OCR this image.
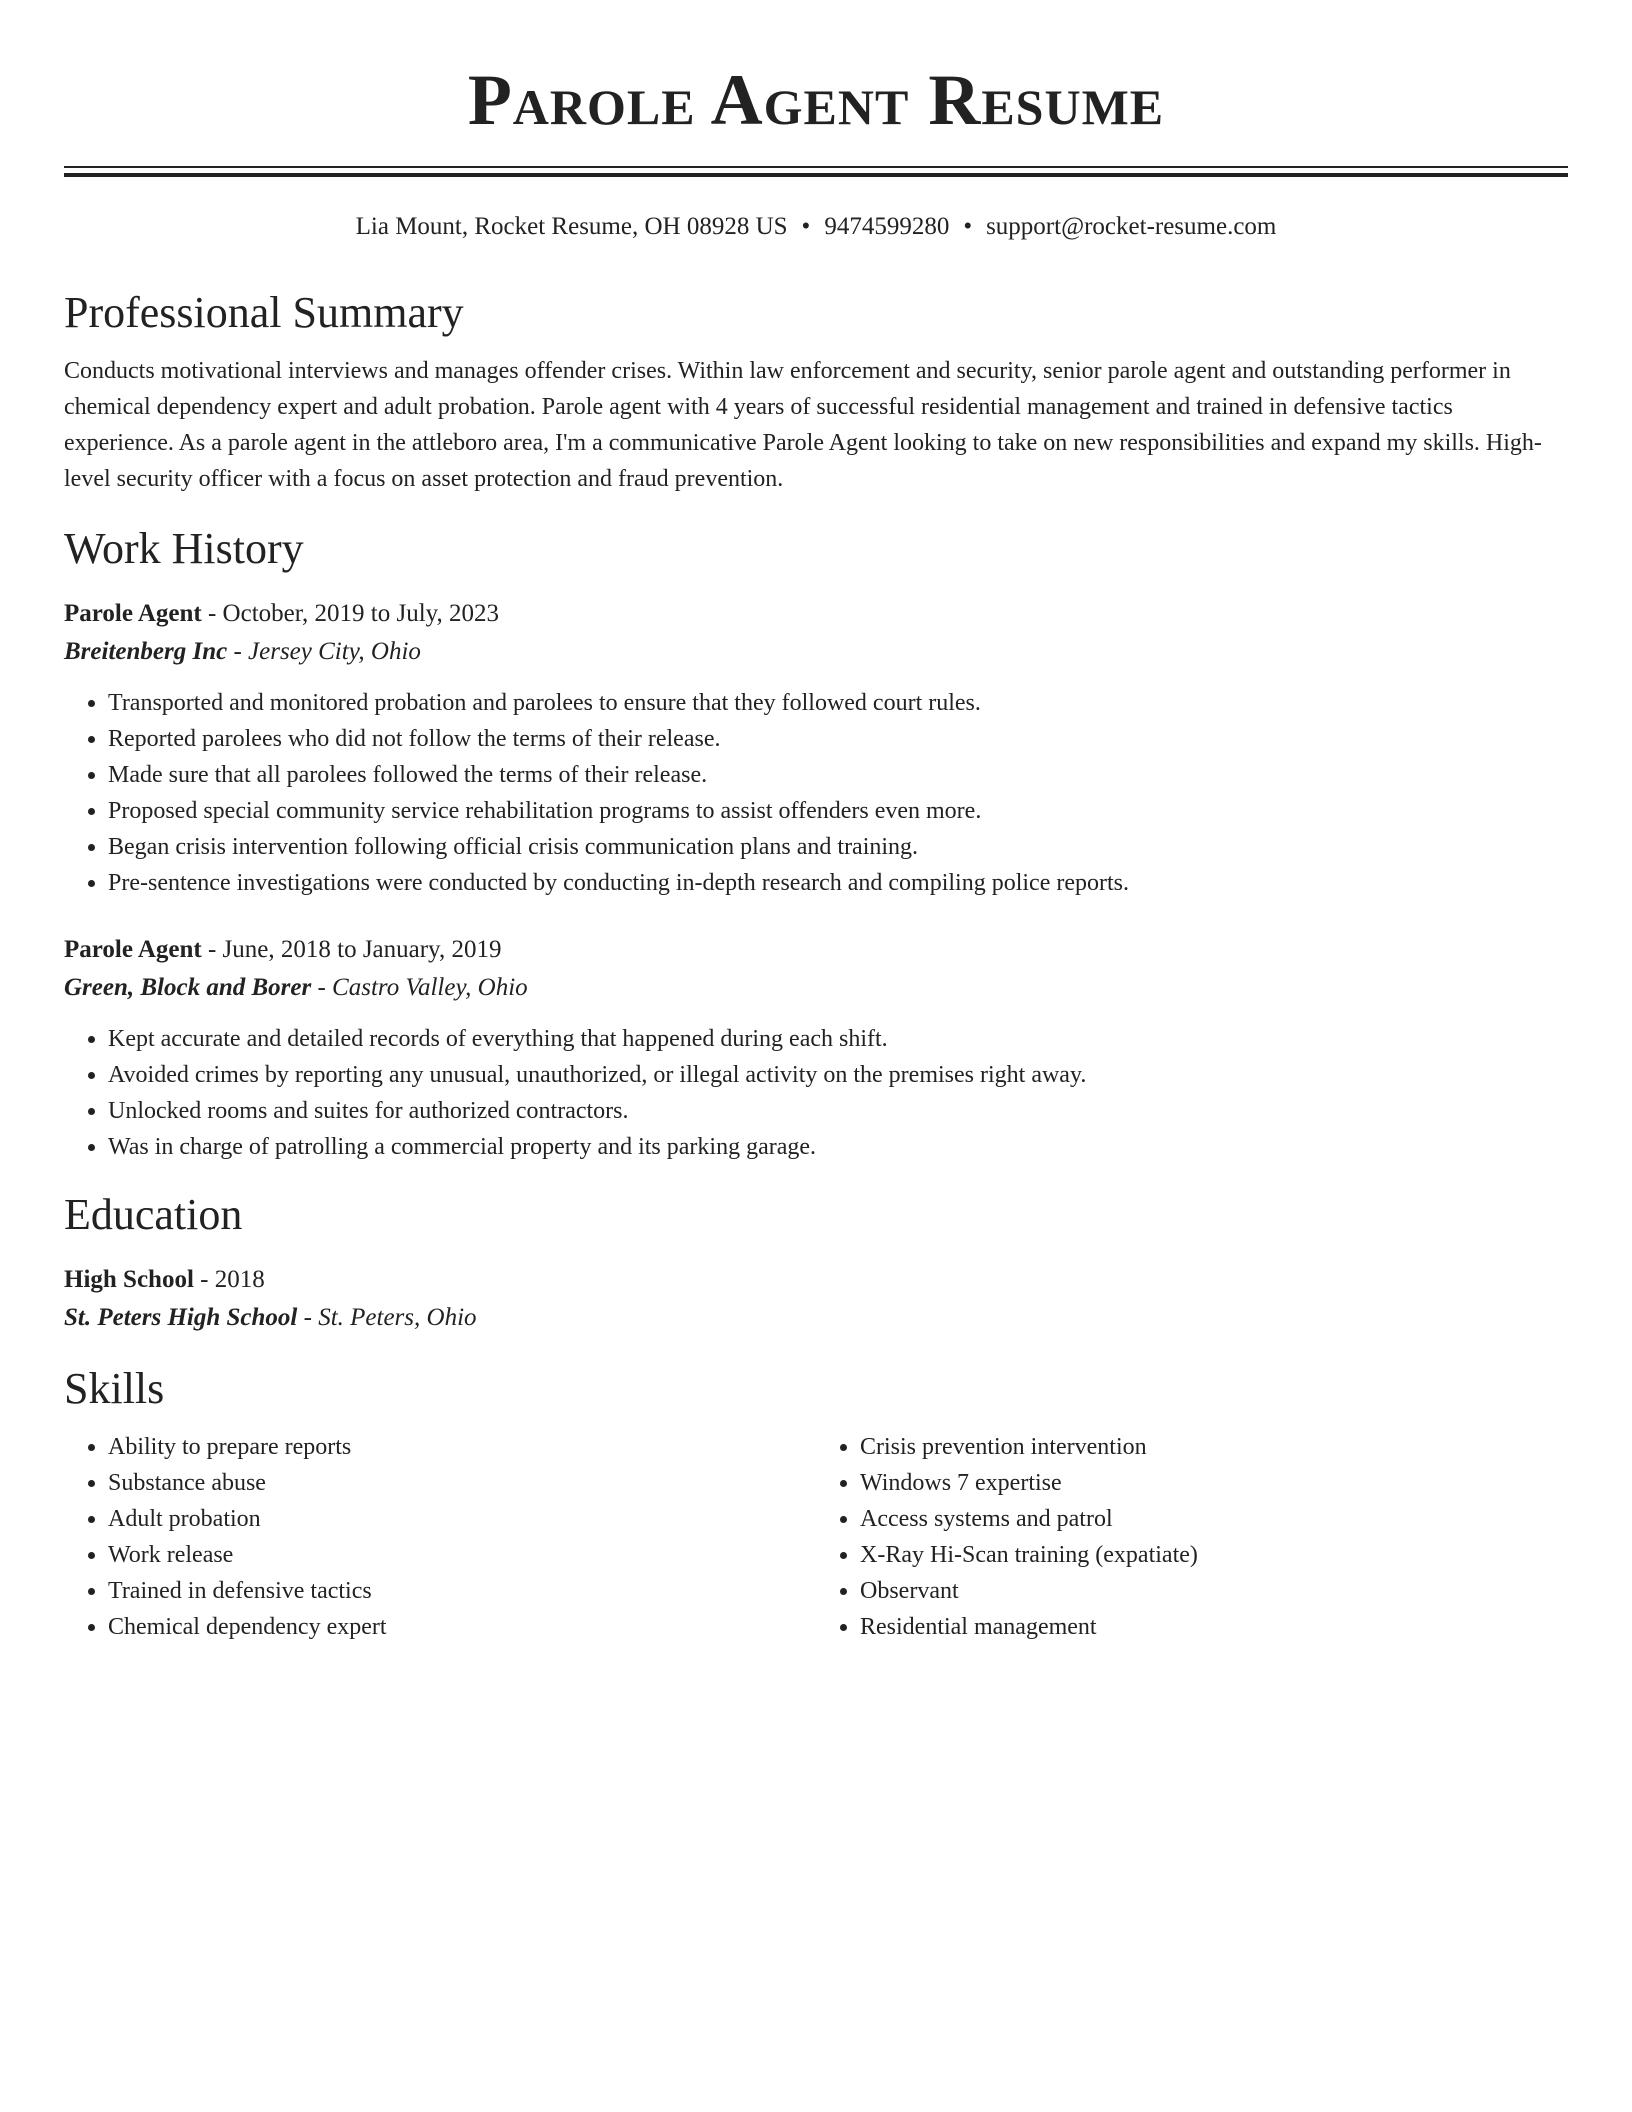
Parole Agent Resume
Lia Mount, Rocket Resume, OH 08928 US • 9474599280 • support@rocket-resume.com
Professional Summary

Conducts motivational interviews and manages offender crises. Within law enforcement and security, senior parole agent and outstanding performer in chemical dependency expert and adult probation. Parole agent with 4 years of successful residential management and trained in defensive tactics experience. As a parole agent in the attleboro area, I'm a communicative Parole Agent looking to take on new responsibilities and expand my skills. High-level security officer with a focus on asset protection and fraud prevention.

Work History
Parole Agent - October, 2019 to July, 2023
Breitenberg Inc - Jersey City, Ohio
• Transported and monitored probation and parolees to ensure that they followed court rules.
• Reported parolees who did not follow the terms of their release.
• Made sure that all parolees followed the terms of their release.
• Proposed special community service rehabilitation programs to assist offenders even more.
• Began crisis intervention following official crisis communication plans and training.
• Pre-sentence investigations were conducted by conducting in-depth research and compiling police reports.
Parole Agent - June, 2018 to January, 2019
Green, Block and Borer - Castro Valley, Ohio
• Kept accurate and detailed records of everything that happened during each shift.
• Avoided crimes by reporting any unusual, unauthorized, or illegal activity on the premises right away.
• Unlocked rooms and suites for authorized contractors.
• Was in charge of patrolling a commercial property and its parking garage.
Education
High School - 2018
St. Peters High School - St. Peters, Ohio
Skills
• Ability to prepare reports
• Substance abuse
• Adult probation
• Work release
• Trained in defensive tactics
• Chemical dependency expert
• Crisis prevention intervention
• Windows 7 expertise
• Access systems and patrol
• X-Ray Hi-Scan training (expatiate)
• Observant
• Residential management
